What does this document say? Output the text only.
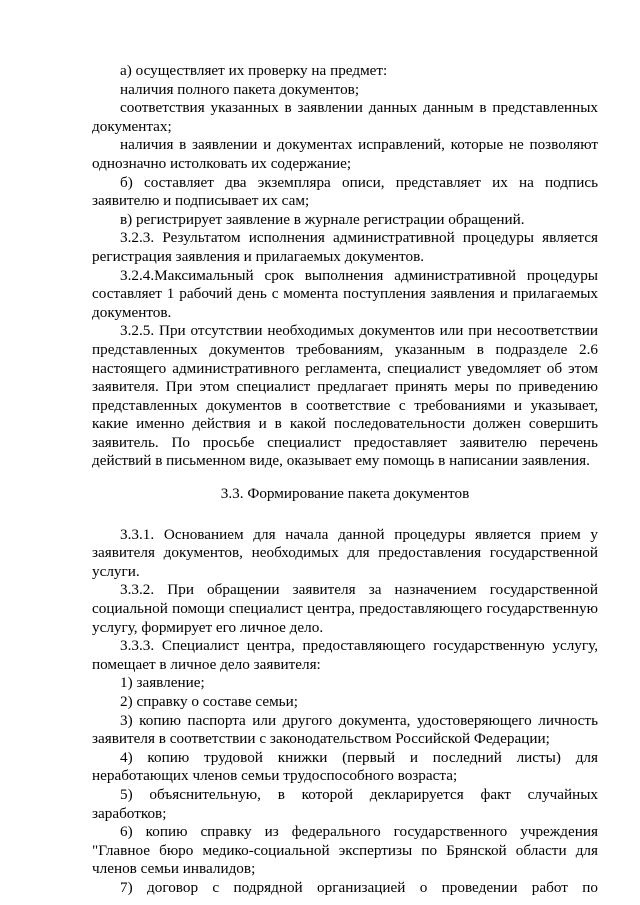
а) осуществляет их проверку на предмет:

наличия полного пакета документов;

соответствия указанных в заявлении данных данным в представленных документах;

наличия в заявлении и документах исправлений, которые не позволяют однозначно истолковать их содержание;

б) составляет два экземпляра описи, представляет их на подпись заявителю и подписывает их сам;

в) регистрирует заявление в журнале регистрации обращений.

3.2.3. Результатом исполнения административной процедуры является регистрация заявления и прилагаемых документов.

3.2.4.Максимальный срок выполнения административной процедуры составляет 1 рабочий день с момента поступления заявления и прилагаемых документов.

3.2.5. При отсутствии необходимых документов или при несоответствии представленных документов требованиям, указанным в подразделе 2.6 настоящего административного регламента, специалист уведомляет об этом заявителя. При этом специалист предлагает принять меры по приведению представленных документов в соответствие с требованиями и указывает, какие именно действия и в какой последовательности должен совершить заявитель. По просьбе специалист предоставляет заявителю перечень действий в письменном виде, оказывает ему помощь в написании заявления.

3.3. Формирование пакета документов

3.3.1. Основанием для начала данной процедуры является прием у заявителя документов, необходимых для предоставления государственной услуги.

3.3.2. При обращении заявителя за назначением государственной социальной помощи специалист центра, предоставляющего государственную услугу, формирует его личное дело.

3.3.3. Специалист центра, предоставляющего государственную услугу, помещает в личное дело заявителя:

1) заявление;

2) справку о составе семьи;

3) копию паспорта или другого документа, удостоверяющего личность заявителя в соответствии с законодательством Российской Федерации;

4) копию трудовой книжки (первый и последний листы) для неработающих членов семьи трудоспособного возраста;

5) объяснительную, в которой декларируется факт случайных заработков;

6) копию справку из федерального государственного учреждения "Главное бюро медико-социальной экспертизы по Брянской области для членов семьи инвалидов;

7) договор с подрядной организацией о проведении работ по
